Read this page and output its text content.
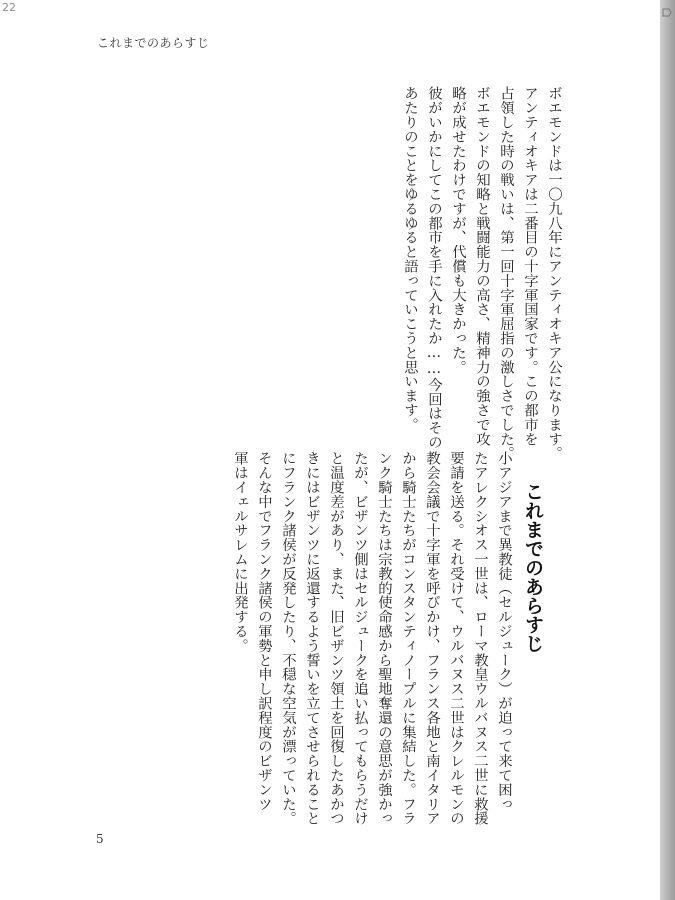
これまでのあらすじ

ボエモンドは一〇九八年にアンティオキア公になります。

アンティオキアは二番目の十字軍国家です。この都市を

占領した時の戦いは、第一回十字軍屈指の激しさでした。

ボエモンドの知略と戦闘能力の高さ、精神力の強さで攻

略が成せたわけですが、代償も大きかった。

彼がいかにしてこの都市を手に入れたか……今回はその

あたりのことをゆるゆると語っていこうと思います。

これまでのあらすじ

小アジアまで異教徒（セルジューク）が迫って来て困っ

たアレクシオス一世は、ローマ教皇ウルバヌス二世に救援

要請を送る。それ受けて、ウルバヌス二世はクレルモンの

教会会議で十字軍を呼びかけ、フランス各地と南イタリア

から騎士たちがコンスタンティノープルに集結した。フラ

ンク騎士たちは宗教的使命感から聖地奪還の意思が強かっ

たが、ビザンツ側はセルジュークを追い払ってもらうだけ

と温度差があり、また、旧ビザンツ領土を回復したあかつ

きにはビザンツに返還するよう誓いを立てさせられること

にフランク諸侯が反発したり、不穏な空気が漂っていた。

そんな中でフランク諸侯の軍勢と申し訳程度のビザンツ

軍はイェルサレムに出発する。

5
22
